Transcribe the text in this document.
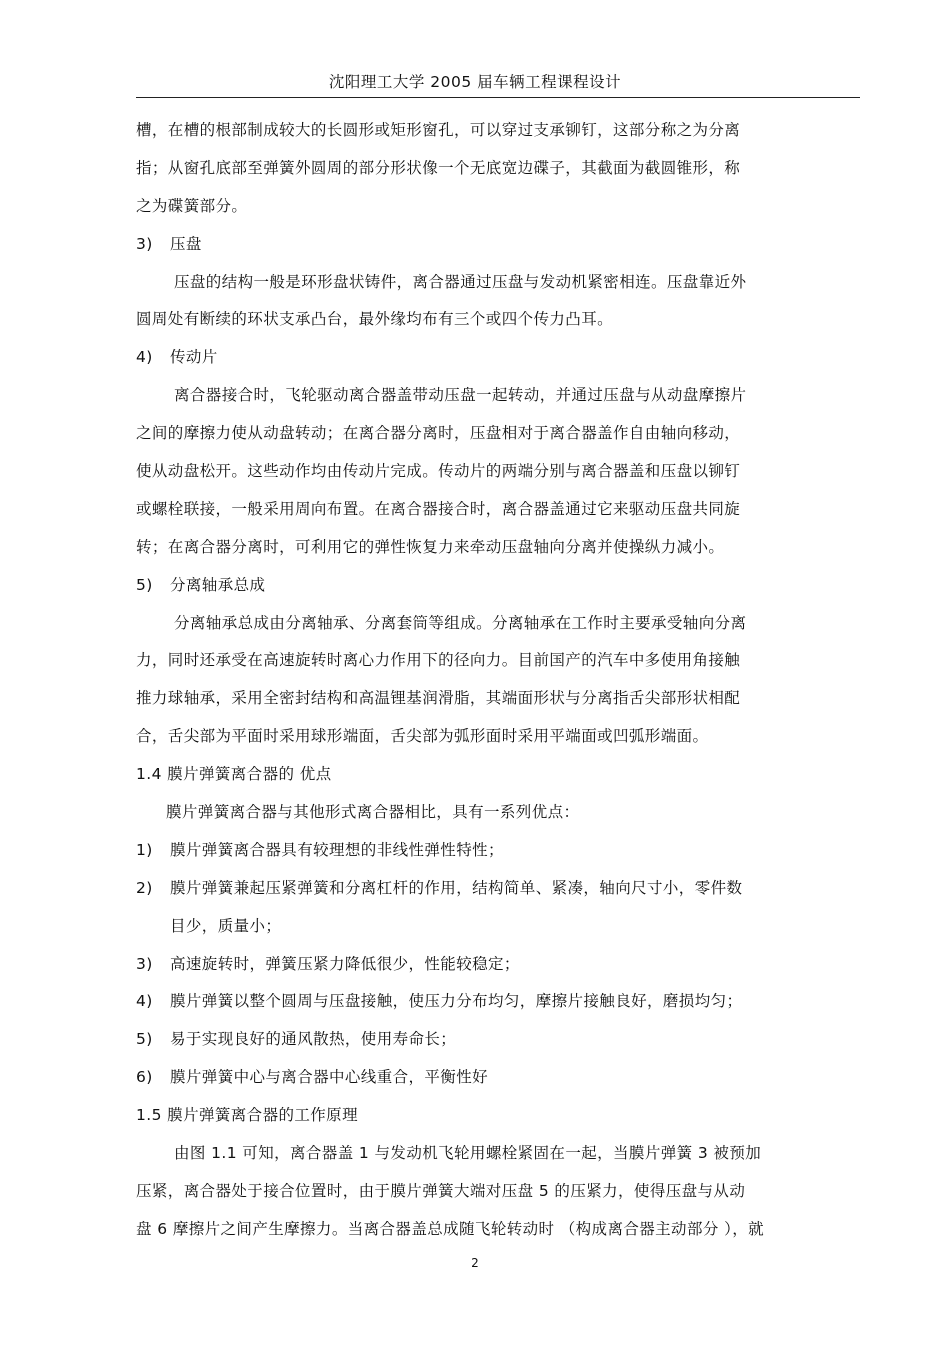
沈阳理工大学 2005 届车辆工程课程设计
槽，在槽的根部制成较大的长圆形或矩形窗孔，可以穿过支承铆钉，这部分称之为分离
指；从窗孔底部至弹簧外圆周的部分形状像一个无底宽边碟子，其截面为截圆锥形，称
之为碟簧部分。
3) 压盘
压盘的结构一般是环形盘状铸件，离合器通过压盘与发动机紧密相连。压盘靠近外
圆周处有断续的环状支承凸台，最外缘均布有三个或四个传力凸耳。
4) 传动片
离合器接合时，飞轮驱动离合器盖带动压盘一起转动，并通过压盘与从动盘摩擦片
之间的摩擦力使从动盘转动；在离合器分离时，压盘相对于离合器盖作自由轴向移动，
使从动盘松开。这些动作均由传动片完成。传动片的两端分别与离合器盖和压盘以铆钉
或螺栓联接，一般采用周向布置。在离合器接合时，离合器盖通过它来驱动压盘共同旋
转；在离合器分离时，可利用它的弹性恢复力来牵动压盘轴向分离并使操纵力减小。
5) 分离轴承总成
分离轴承总成由分离轴承、分离套筒等组成。分离轴承在工作时主要承受轴向分离
力，同时还承受在高速旋转时离心力作用下的径向力。目前国产的汽车中多使用角接触
推力球轴承，采用全密封结构和高温锂基润滑脂，其端面形状与分离指舌尖部形状相配
合，舌尖部为平面时采用球形端面，舌尖部为弧形面时采用平端面或凹弧形端面。
1.4 膜片弹簧离合器的 优点
膜片弹簧离合器与其他形式离合器相比，具有一系列优点：
1) 膜片弹簧离合器具有较理想的非线性弹性特性；
2) 膜片弹簧兼起压紧弹簧和分离杠杆的作用，结构简单、紧凑，轴向尺寸小，零件数
目少，质量小；
3) 高速旋转时，弹簧压紧力降低很少，性能较稳定；
4) 膜片弹簧以整个圆周与压盘接触，使压力分布均匀，摩擦片接触良好，磨损均匀；
5) 易于实现良好的通风散热，使用寿命长；
6) 膜片弹簧中心与离合器中心线重合，平衡性好
1.5 膜片弹簧离合器的工作原理
由图 1.1 可知，离合器盖 1 与发动机飞轮用螺栓紧固在一起，当膜片弹簧 3 被预加
压紧，离合器处于接合位置时，由于膜片弹簧大端对压盘 5 的压紧力，使得压盘与从动
盘 6 摩擦片之间产生摩擦力。当离合器盖总成随飞轮转动时 （构成离合器主动部分 ），就
2
